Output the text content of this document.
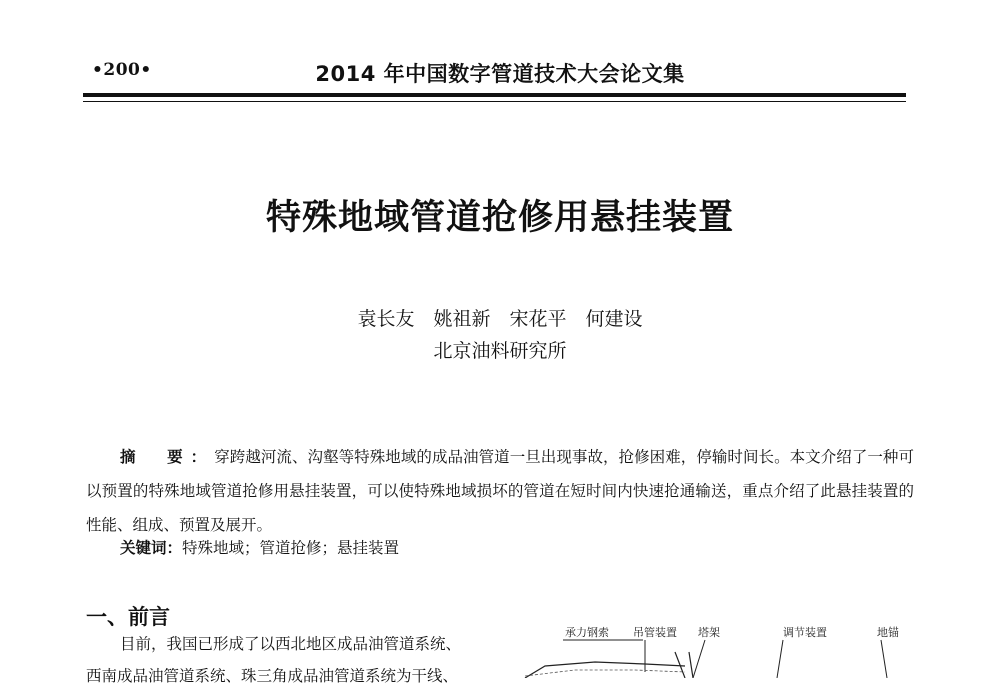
•200•	2014 年中国数字管道技术大会论文集
特殊地域管道抢修用悬挂装置
袁长友　姚祖新　宋花平　何建设
北京油料研究所
摘　要：穿跨越河流、沟壑等特殊地域的成品油管道一旦出现事故，抢修困难，停输时间长。本文介绍了一种可以预置的特殊地域管道抢修用悬挂装置，可以使特殊地域损坏的管道在短时间内快速抢通输送，重点介绍了此悬挂装置的性能、组成、预置及展开。
关键词：特殊地域；管道抢修；悬挂装置
一、前言
目前，我国已形成了以西北地区成品油管道系统、
西南成品油管道系统、珠三角成品油管道系统为干线、
承力钢索 吊管装置 塔架	调节装置	地锚
